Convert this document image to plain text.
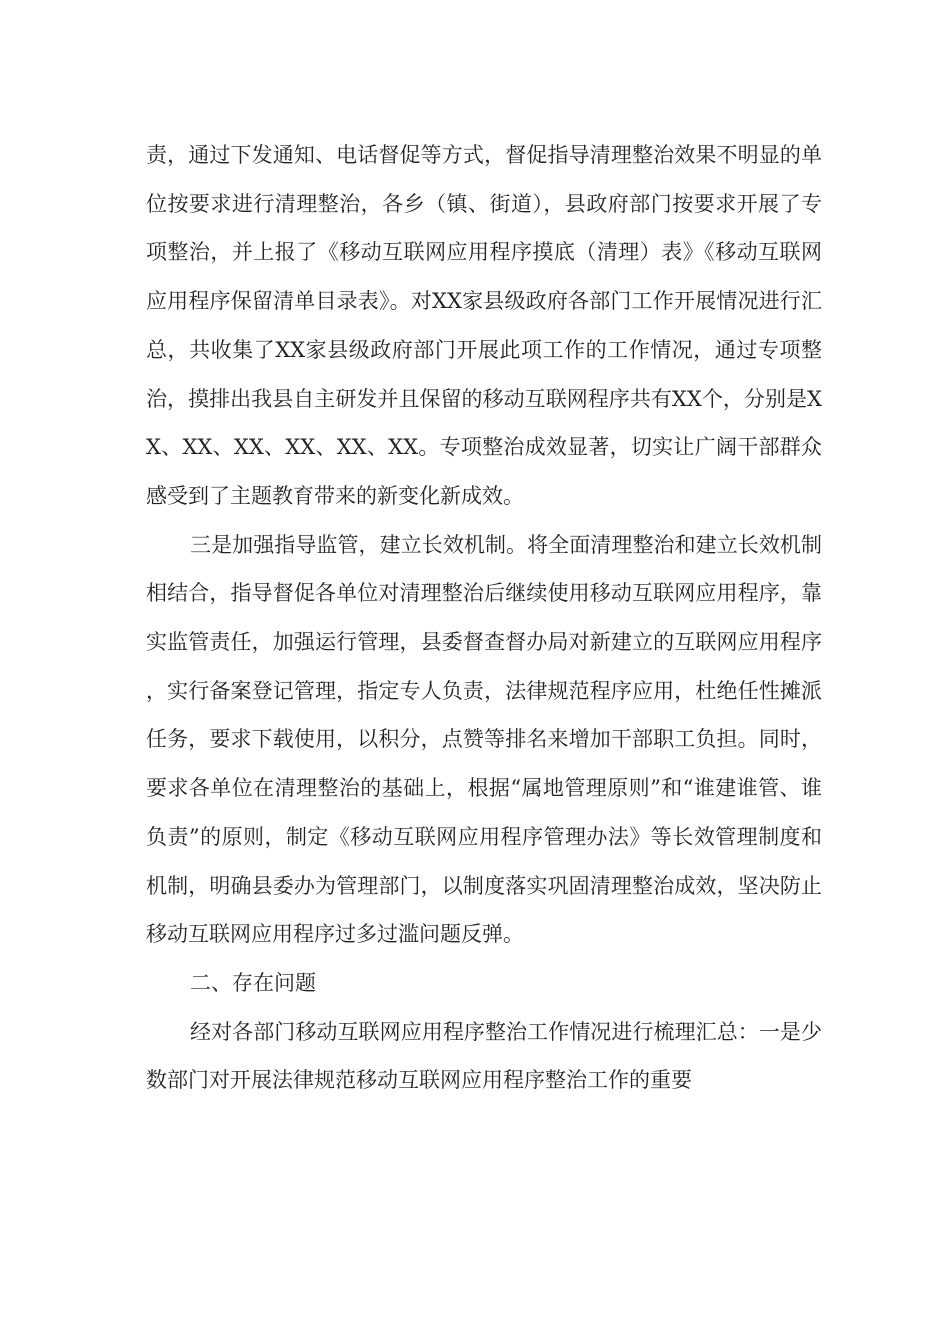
责，通过下发通知、电话督促等方式，督促指导清理整治效果不明显的单位按要求进行清理整治，各乡（镇、街道），县政府部门按要求开展了专项整治，并上报了《移动互联网应用程序摸底（清理）表》《移动互联网应用程序保留清单目录表》。对XX家县级政府各部门工作开展情况进行汇总，共收集了XX家县级政府部门开展此项工作的工作情况，通过专项整治，摸排出我县自主研发并且保留的移动互联网程序共有XX个，分别是XX、XX、XX、XX、XX、XX。专项整治成效显著，切实让广阔干部群众感受到了主题教育带来的新变化新成效。

三是加强指导监管，建立长效机制。将全面清理整治和建立长效机制相结合，指导督促各单位对清理整治后继续使用移动互联网应用程序，靠实监管责任，加强运行管理，县委督查督办局对新建立的互联网应用程序，实行备案登记管理，指定专人负责，法律规范程序应用，杜绝任性摊派任务，要求下载使用，以积分，点赞等排名来增加干部职工负担。同时，要求各单位在清理整治的基础上，根据“属地管理原则”和“谁建谁管、谁负责”的原则，制定《移动互联网应用程序管理办法》等长效管理制度和机制，明确县委办为管理部门，以制度落实巩固清理整治成效，坚决防止移动互联网应用程序过多过滥问题反弹。

二、存在问题

经对各部门移动互联网应用程序整治工作情况进行梳理汇总：一是少数部门对开展法律规范移动互联网应用程序整治工作的重要
